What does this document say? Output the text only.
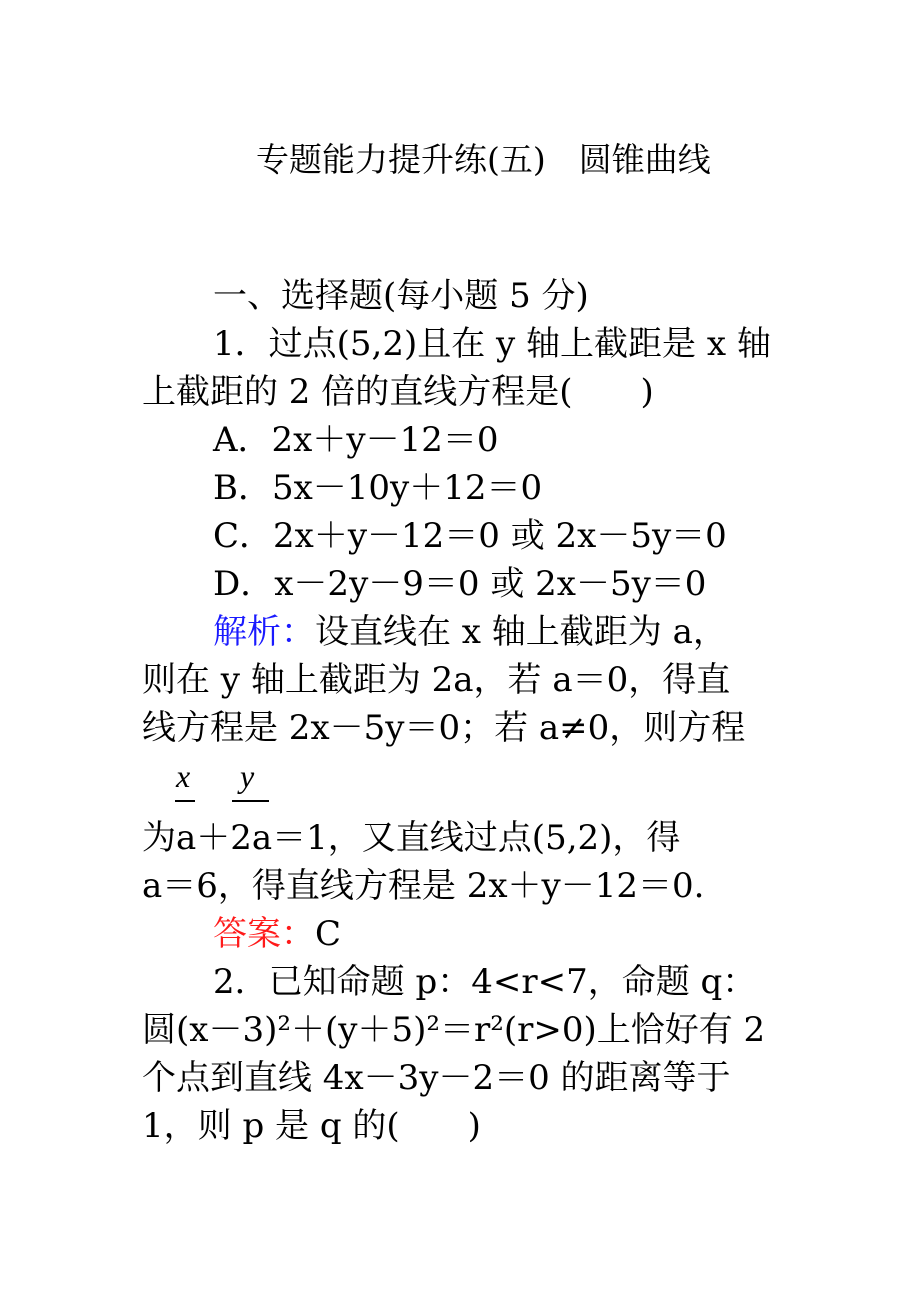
专题能力提升练(五)　圆锥曲线
一、选择题(每小题 5 分)
1．过点(5,2)且在 y 轴上截距是 x 轴
上截距的 2 倍的直线方程是(　　)
A．2x＋y－12＝0
B．5x－10y＋12＝0
C．2x＋y－12＝0 或 2x－5y＝0
D．x－2y－9＝0 或 2x－5y＝0
解析：设直线在 x 轴上截距为 a，
则在 y 轴上截距为 2a，若 a＝0，得直
线方程是 2x－5y＝0；若 a≠0，则方程
x y
为a＋2a＝1，又直线过点(5,2)，得
a＝6，得直线方程是 2x＋y－12＝0.
答案：C
2．已知命题 p：4<r<7，命题 q：
圆(x－3)²＋(y＋5)²＝r²(r>0)上恰好有 2
个点到直线 4x－3y－2＝0 的距离等于
1，则 p 是 q 的(　　)
